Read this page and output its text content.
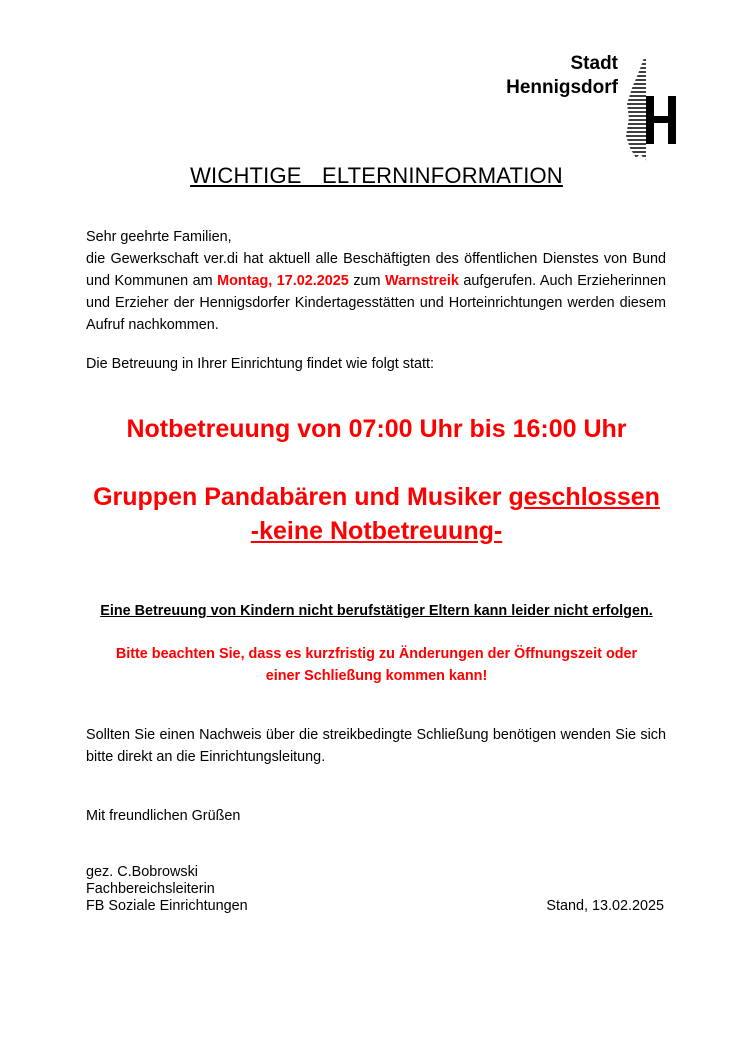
Stadt
Hennigsdorf
WICHTIGE ELTERNINFORMATION
Sehr geehrte Familien,
die Gewerkschaft ver.di hat aktuell alle Beschäftigten des öffentlichen Dienstes von Bund und Kommunen am Montag, 17.02.2025 zum Warnstreik aufgerufen. Auch Erzieherinnen und Erzieher der Hennigsdorfer Kindertagesstätten und Horteinrichtungen werden diesem Aufruf nachkommen.
Die Betreuung in Ihrer Einrichtung findet wie folgt statt:
Notbetreuung von 07:00 Uhr bis 16:00 Uhr
Gruppen Pandabären und Musiker geschlossen
-keine Notbetreuung-
Eine Betreuung von Kindern nicht berufstätiger Eltern kann leider nicht erfolgen.
Bitte beachten Sie, dass es kurzfristig zu Änderungen der Öffnungszeit oder
einer Schließung kommen kann!
Sollten Sie einen Nachweis über die streikbedingte Schließung benötigen wenden Sie sich bitte direkt an die Einrichtungsleitung.
Mit freundlichen Grüßen
gez. C.Bobrowski
Fachbereichsleiterin
FB Soziale Einrichtungen	Stand, 13.02.2025
